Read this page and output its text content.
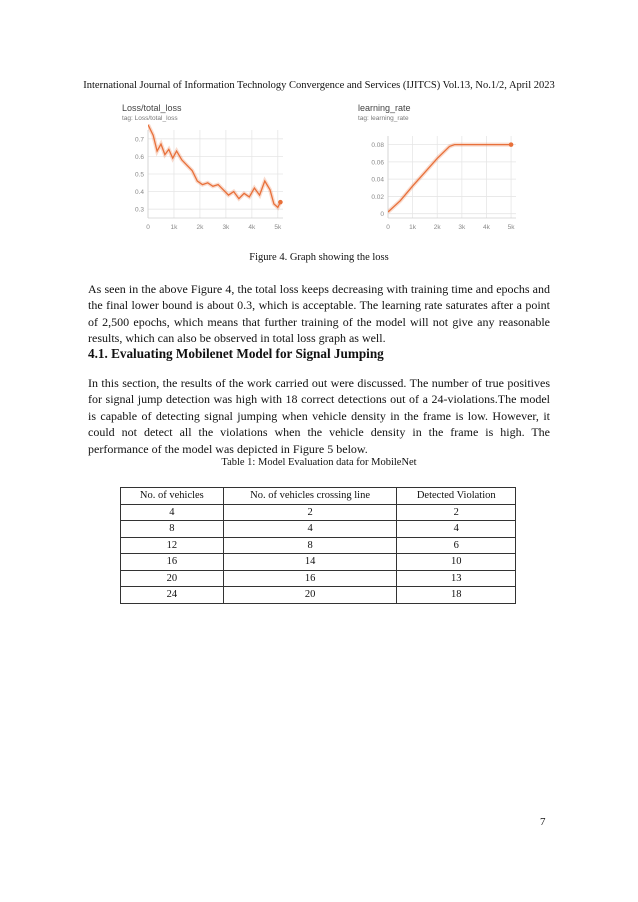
International Journal of Information Technology Convergence and Services (IJITCS) Vol.13, No.1/2, April 2023
Loss/total_loss
tag: Loss/total_loss
0.3
0.4
0.5
0.6
0.7
0	1k	2k	3k	4k	5k
learning_rate
tag: learning_rate
0
0.02
0.04
0.06
0.08
0	1k	2k	3k	4k	5k
Figure 4. Graph showing the loss

As seen in the above Figure 4, the total loss keeps decreasing with training time and epochs and the final lower bound is about 0.3, which is acceptable. The learning rate saturates after a point of 2,500 epochs, which means that further training of the model will not give any reasonable results, which can also be observed in total loss graph as well.

4.1. Evaluating Mobilenet Model for Signal Jumping

In this section, the results of the work carried out were discussed. The number of true positives for signal jump detection was high with 18 correct detections out of a 24-violations.The model is capable of detecting signal jumping when vehicle density in the frame is low. However, it could not detect all the violations when the vehicle density in the frame is high. The performance of the model was depicted in Figure 5 below.

Table 1: Model Evaluation data for MobileNet
No. of vehicles	No. of vehicles crossing line	Detected Violation
4	2	2
8	4	4
12	8	6
16	14	10
20	16	13
24	20	18
7
